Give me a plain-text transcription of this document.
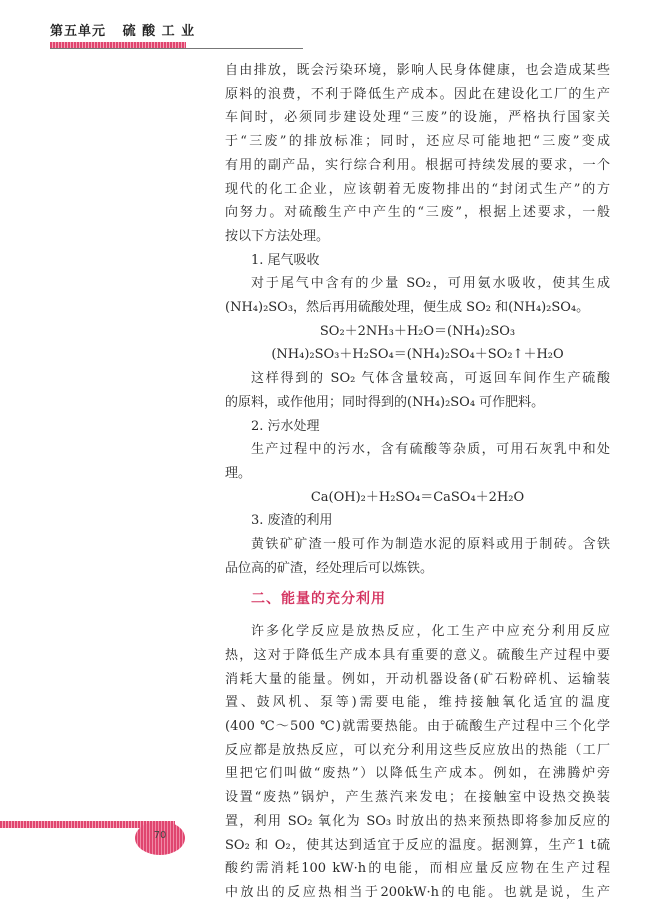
第五单元 硫 酸 工 业

自由排放，既会污染环境，影响人民身体健康，也会造成某些

原料的浪费，不利于降低生产成本。因此在建设化工厂的生产

车间时，必须同步建设处理“三废”的设施，严格执行国家关

于“三废”的排放标准；同时，还应尽可能地把“三废”变成

有用的副产品，实行综合利用。根据可持续发展的要求，一个

现代的化工企业，应该朝着无废物排出的“封闭式生产”的方

向努力。对硫酸生产中产生的“三废”，根据上述要求，一般

按以下方法处理。

1. 尾气吸收

对于尾气中含有的少量 SO₂，可用氨水吸收，使其生成

(NH₄)₂SO₃，然后再用硫酸处理，便生成 SO₂ 和(NH₄)₂SO₄。

SO₂＋2NH₃＋H₂O＝(NH₄)₂SO₃

(NH₄)₂SO₃＋H₂SO₄＝(NH₄)₂SO₄＋SO₂↑＋H₂O

这样得到的 SO₂ 气体含量较高，可返回车间作生产硫酸

的原料，或作他用；同时得到的(NH₄)₂SO₄ 可作肥料。

2. 污水处理

生产过程中的污水，含有硫酸等杂质，可用石灰乳中和处

理。

Ca(OH)₂＋H₂SO₄＝CaSO₄＋2H₂O

3. 废渣的利用

黄铁矿矿渣一般可作为制造水泥的原料或用于制砖。含铁

品位高的矿渣，经处理后可以炼铁。

二、能量的充分利用

许多化学反应是放热反应，化工生产中应充分利用反应

热，这对于降低生产成本具有重要的意义。硫酸生产过程中要

消耗大量的能量。例如，开动机器设备(矿石粉碎机、运输装

置、鼓风机、泵等)需要电能，维持接触氧化适宜的温度

(400 ℃～500 ℃)就需要热能。由于硫酸生产过程中三个化学

反应都是放热反应，可以充分利用这些反应放出的热能（工厂

里把它们叫做“废热”）以降低生产成本。例如，在沸腾炉旁

设置“废热”锅炉，产生蒸汽来发电；在接触室中设热交换装

置，利用 SO₂ 氧化为 SO₃ 时放出的热来预热即将参加反应的

SO₂ 和 O₂，使其达到适宜于反应的温度。据测算，生产1 t硫

酸约需消耗100 kW·h的电能，而相应量反应物在生产过程

中放出的反应热相当于200kW·h的电能。也就是说，生产

70
